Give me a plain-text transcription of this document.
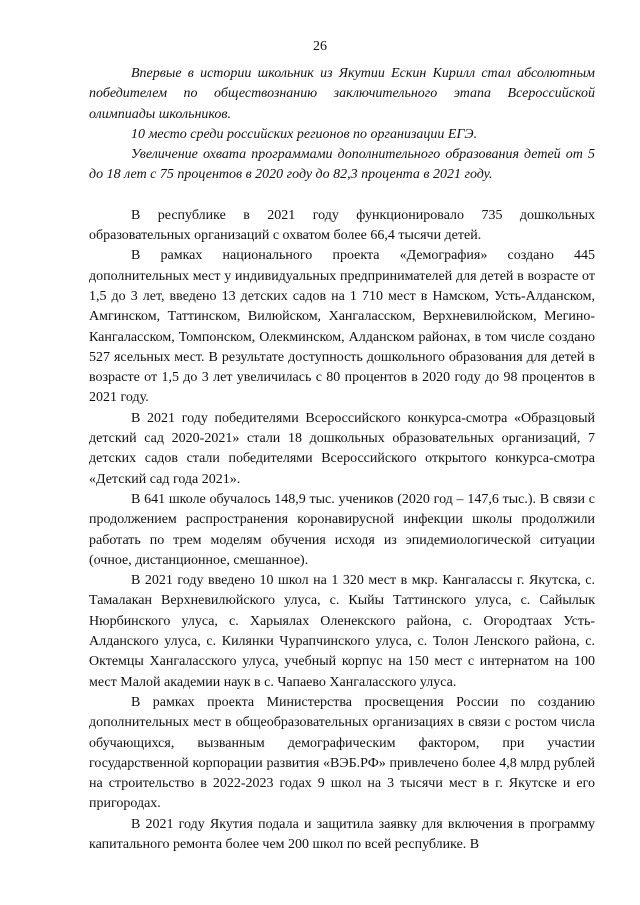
26

Впервые в истории школьник из Якутии Ескин Кирилл стал абсолютным победителем по обществознанию заключительного этапа Всероссийской олимпиады школьников.

10 место среди российских регионов по организации ЕГЭ.

Увеличение охвата программами дополнительного образования детей от 5 до 18 лет с 75 процентов в 2020 году до 82,3 процента в 2021 году.

В республике в 2021 году функционировало 735 дошкольных образовательных организаций с охватом более 66,4 тысячи детей.

В рамках национального проекта «Демография» создано 445 дополнительных мест у индивидуальных предпринимателей для детей в возрасте от 1,5 до 3 лет, введено 13 детских садов на 1 710 мест в Намском, Усть-Алданском, Амгинском, Таттинском, Вилюйском, Хангаласском, Верхневилюйском, Мегино-Кангаласском, Томпонском, Олекминском, Алданском районах, в том числе создано 527 ясельных мест. В результате доступность дошкольного образования для детей в возрасте от 1,5 до 3 лет увеличилась с 80 процентов в 2020 году до 98 процентов в 2021 году.

В 2021 году победителями Всероссийского конкурса-смотра «Образцовый детский сад 2020-2021» стали 18 дошкольных образовательных организаций, 7 детских садов стали победителями Всероссийского открытого конкурса-смотра «Детский сад года 2021».

В 641 школе обучалось 148,9 тыс. учеников (2020 год – 147,6 тыс.). В связи с продолжением распространения коронавирусной инфекции школы продолжили работать по трем моделям обучения исходя из эпидемиологической ситуации (очное, дистанционное, смешанное).

В 2021 году введено 10 школ на 1 320 мест в мкр. Кангалассы г. Якутска, с. Тамалакан Верхневилюйского улуса, с. Кыйы Таттинского улуса, с. Сайылык Нюрбинского улуса, с. Харыялах Оленекского района, с. Огородтаах Усть-Алданского улуса, с. Килянки Чурапчинского улуса, с. Толон Ленского района, с. Октемцы Хангаласского улуса, учебный корпус на 150 мест с интернатом на 100 мест Малой академии наук в с. Чапаево Хангаласского улуса.

В рамках проекта Министерства просвещения России по созданию дополнительных мест в общеобразовательных организациях в связи с ростом числа обучающихся, вызванным демографическим фактором, при участии государственной корпорации развития «ВЭБ.РФ» привлечено более 4,8 млрд рублей на строительство в 2022-2023 годах 9 школ на 3 тысячи мест в г. Якутске и его пригородах.

В 2021 году Якутия подала и защитила заявку для включения в программу капитального ремонта более чем 200 школ по всей республике. В
